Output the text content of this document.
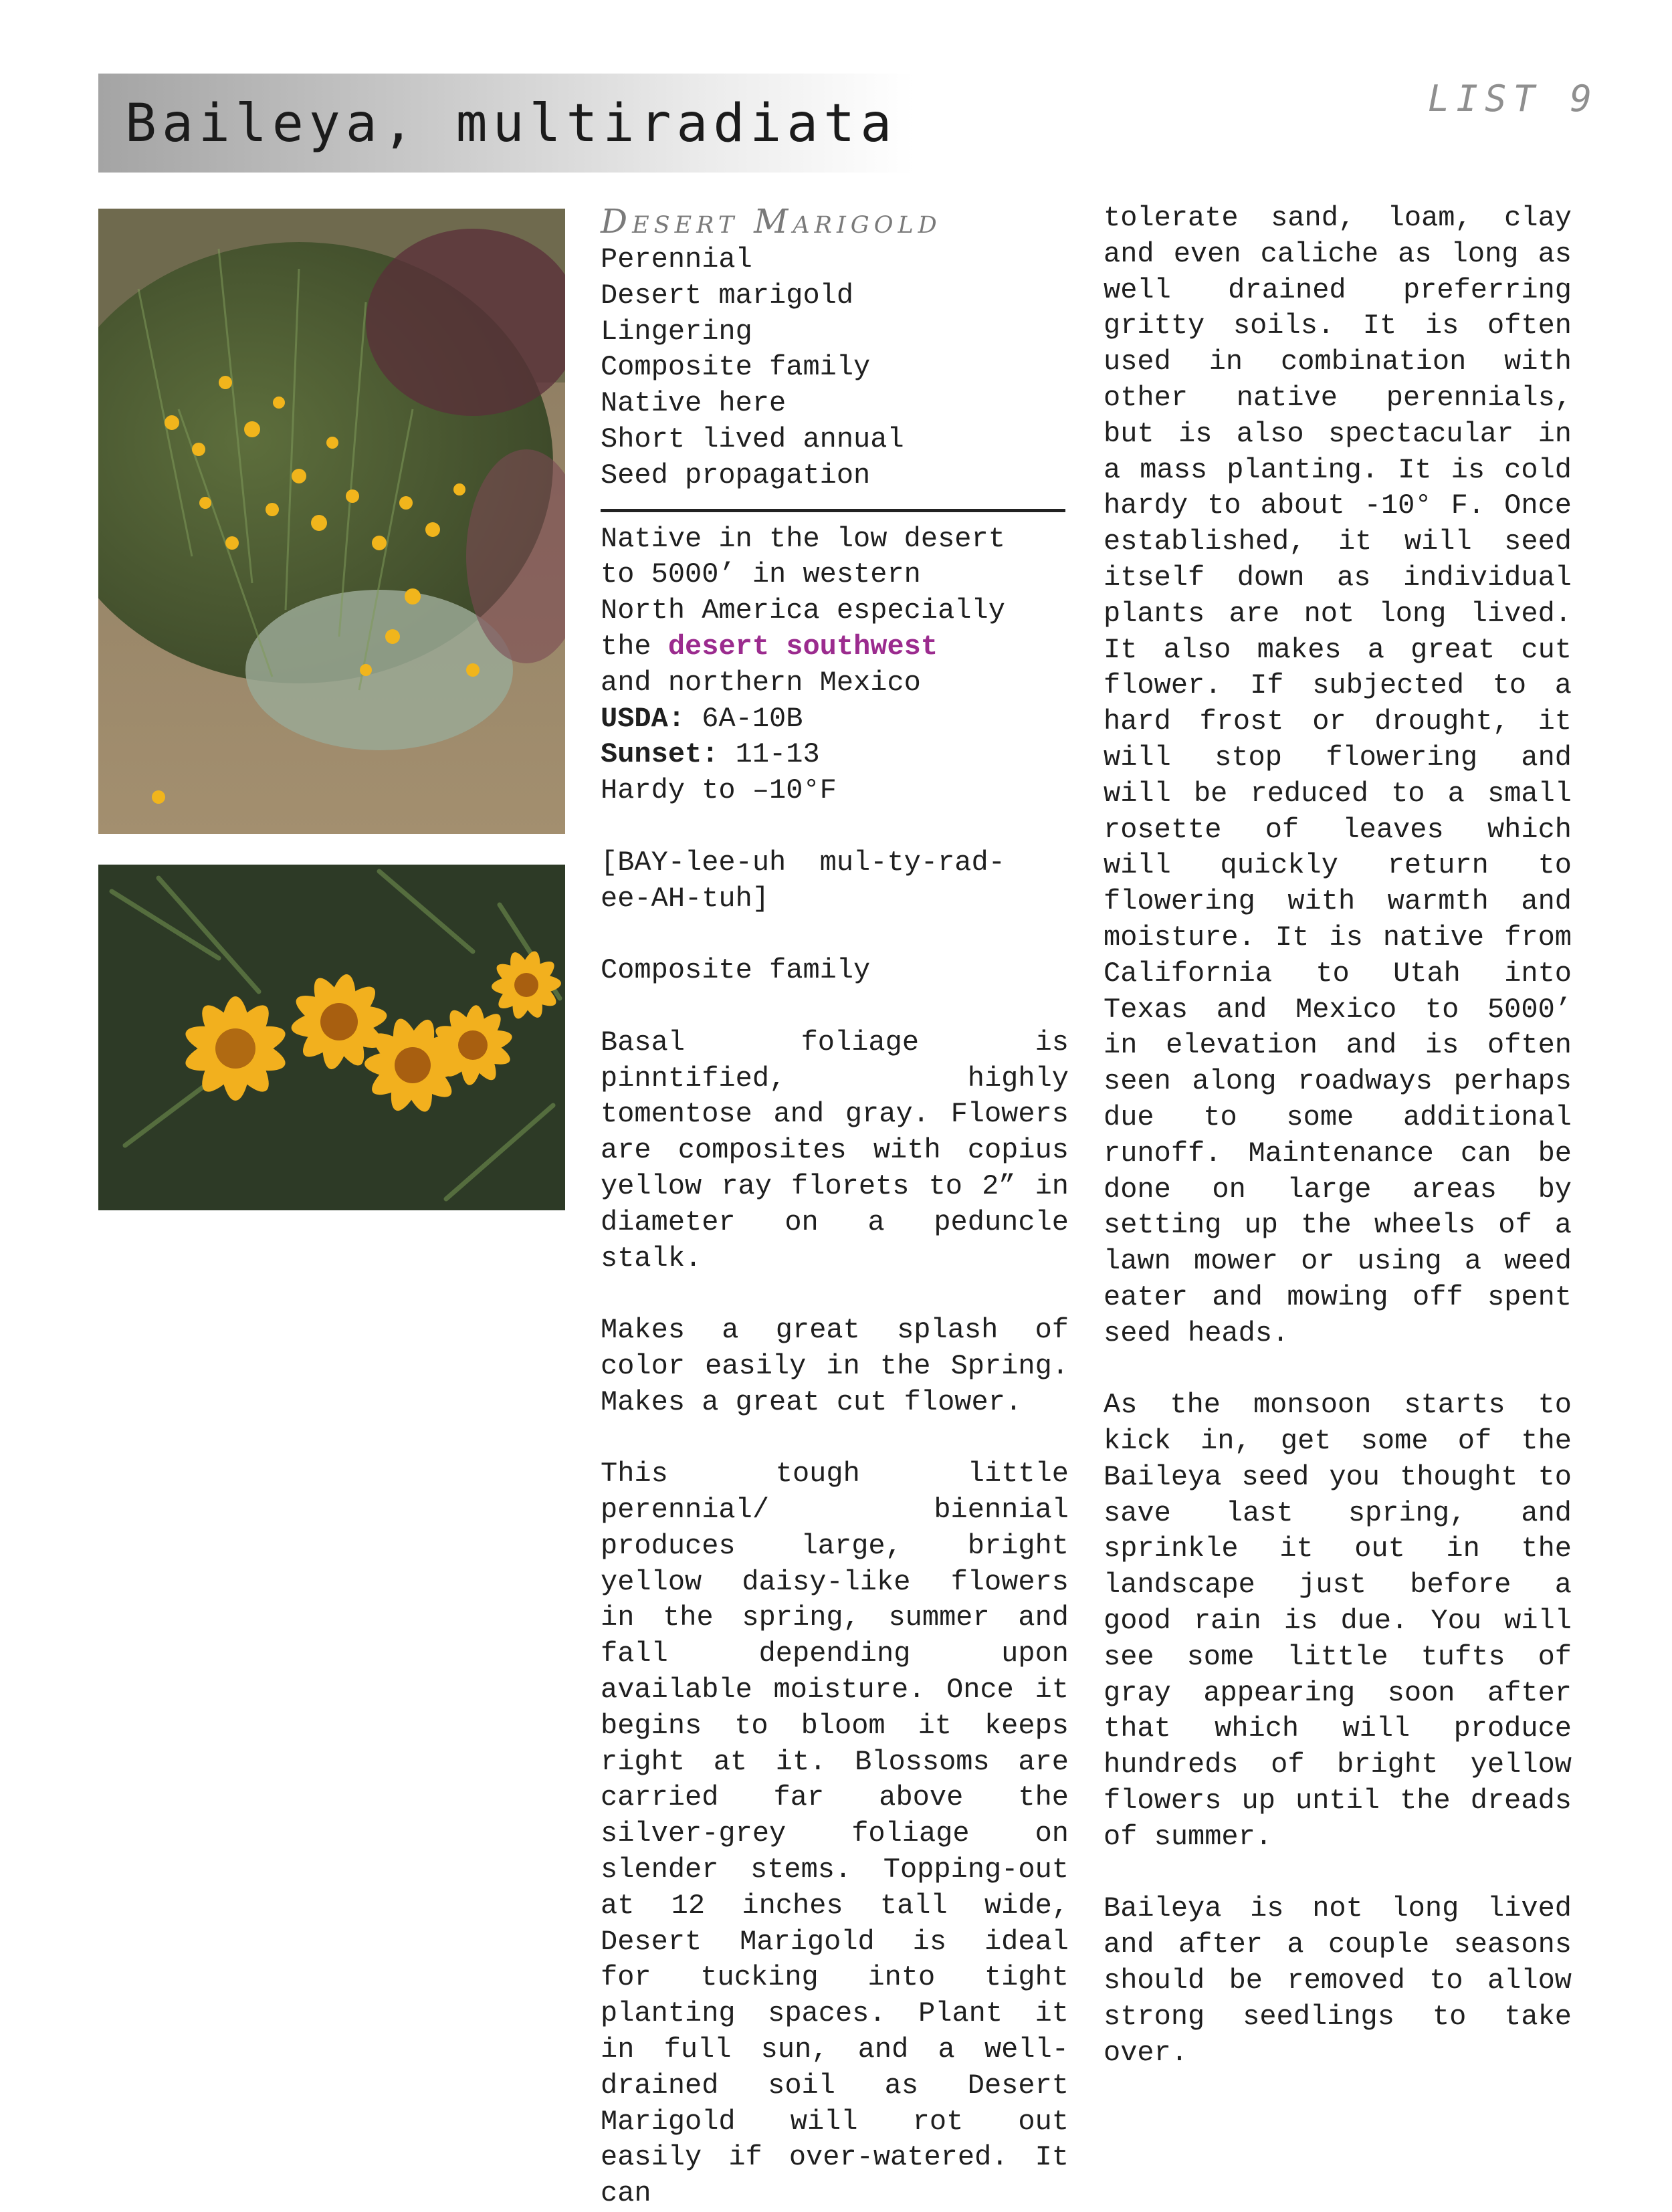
Baileya, multiradiata	LIST 9
Desert Marigold

Perennial

Desert marigold

Lingering

Composite family

Native here

Short lived annual

Seed propagation

Native in the low desert

to 5000’ in western

North America especially

the desert southwest

and northern Mexico

USDA: 6A-10B

Sunset: 11-13

Hardy to –10°F

[BAY-lee-uh  mul-ty-rad-

ee-AH-tuh]

Composite family

Basal foliage is pinntified, highly tomentose and gray. Flowers are composites with copius yellow ray florets to 2” in diameter on a peduncle stalk.

Makes a great splash of color easily in the Spring. Makes a great cut flower.

This tough little perennial/ biennial produces large, bright yellow daisy-like flowers in the spring, summer and fall depending upon available moisture. Once it begins to bloom it keeps right at it. Blossoms are carried far above the silver-grey foliage on slender stems. Topping-out at 12 inches tall wide, Desert Marigold is ideal for tucking into tight planting spaces. Plant it in full sun, and a well-drained soil as Desert Marigold will rot out easily if over-watered. It can

tolerate sand, loam, clay and even caliche as long as well drained preferring gritty soils. It is often used in combination with other native perennials, but is also spectacular in a mass planting. It is cold hardy to about -10° F. Once established, it will seed itself down as individual plants are not long lived. It also makes a great cut flower. If subjected to a hard frost or drought, it will stop flowering and will be reduced to a small rosette of leaves which will quickly return to flowering with warmth and moisture. It is native from California to Utah into Texas and Mexico to 5000’ in elevation and is often seen along roadways perhaps due to some additional runoff. Maintenance can be done on large areas by setting up the wheels of a lawn mower or using a weed eater and mowing off spent seed heads.

As the monsoon starts to kick in, get some of the Baileya seed you thought to save last spring, and sprinkle it out in the landscape just before a good rain is due. You will see some little tufts of gray appearing soon after that which will produce hundreds of bright yellow flowers up until the dreads of summer.

Baileya is not long lived and after a couple seasons should be removed to allow strong seedlings to take over.
